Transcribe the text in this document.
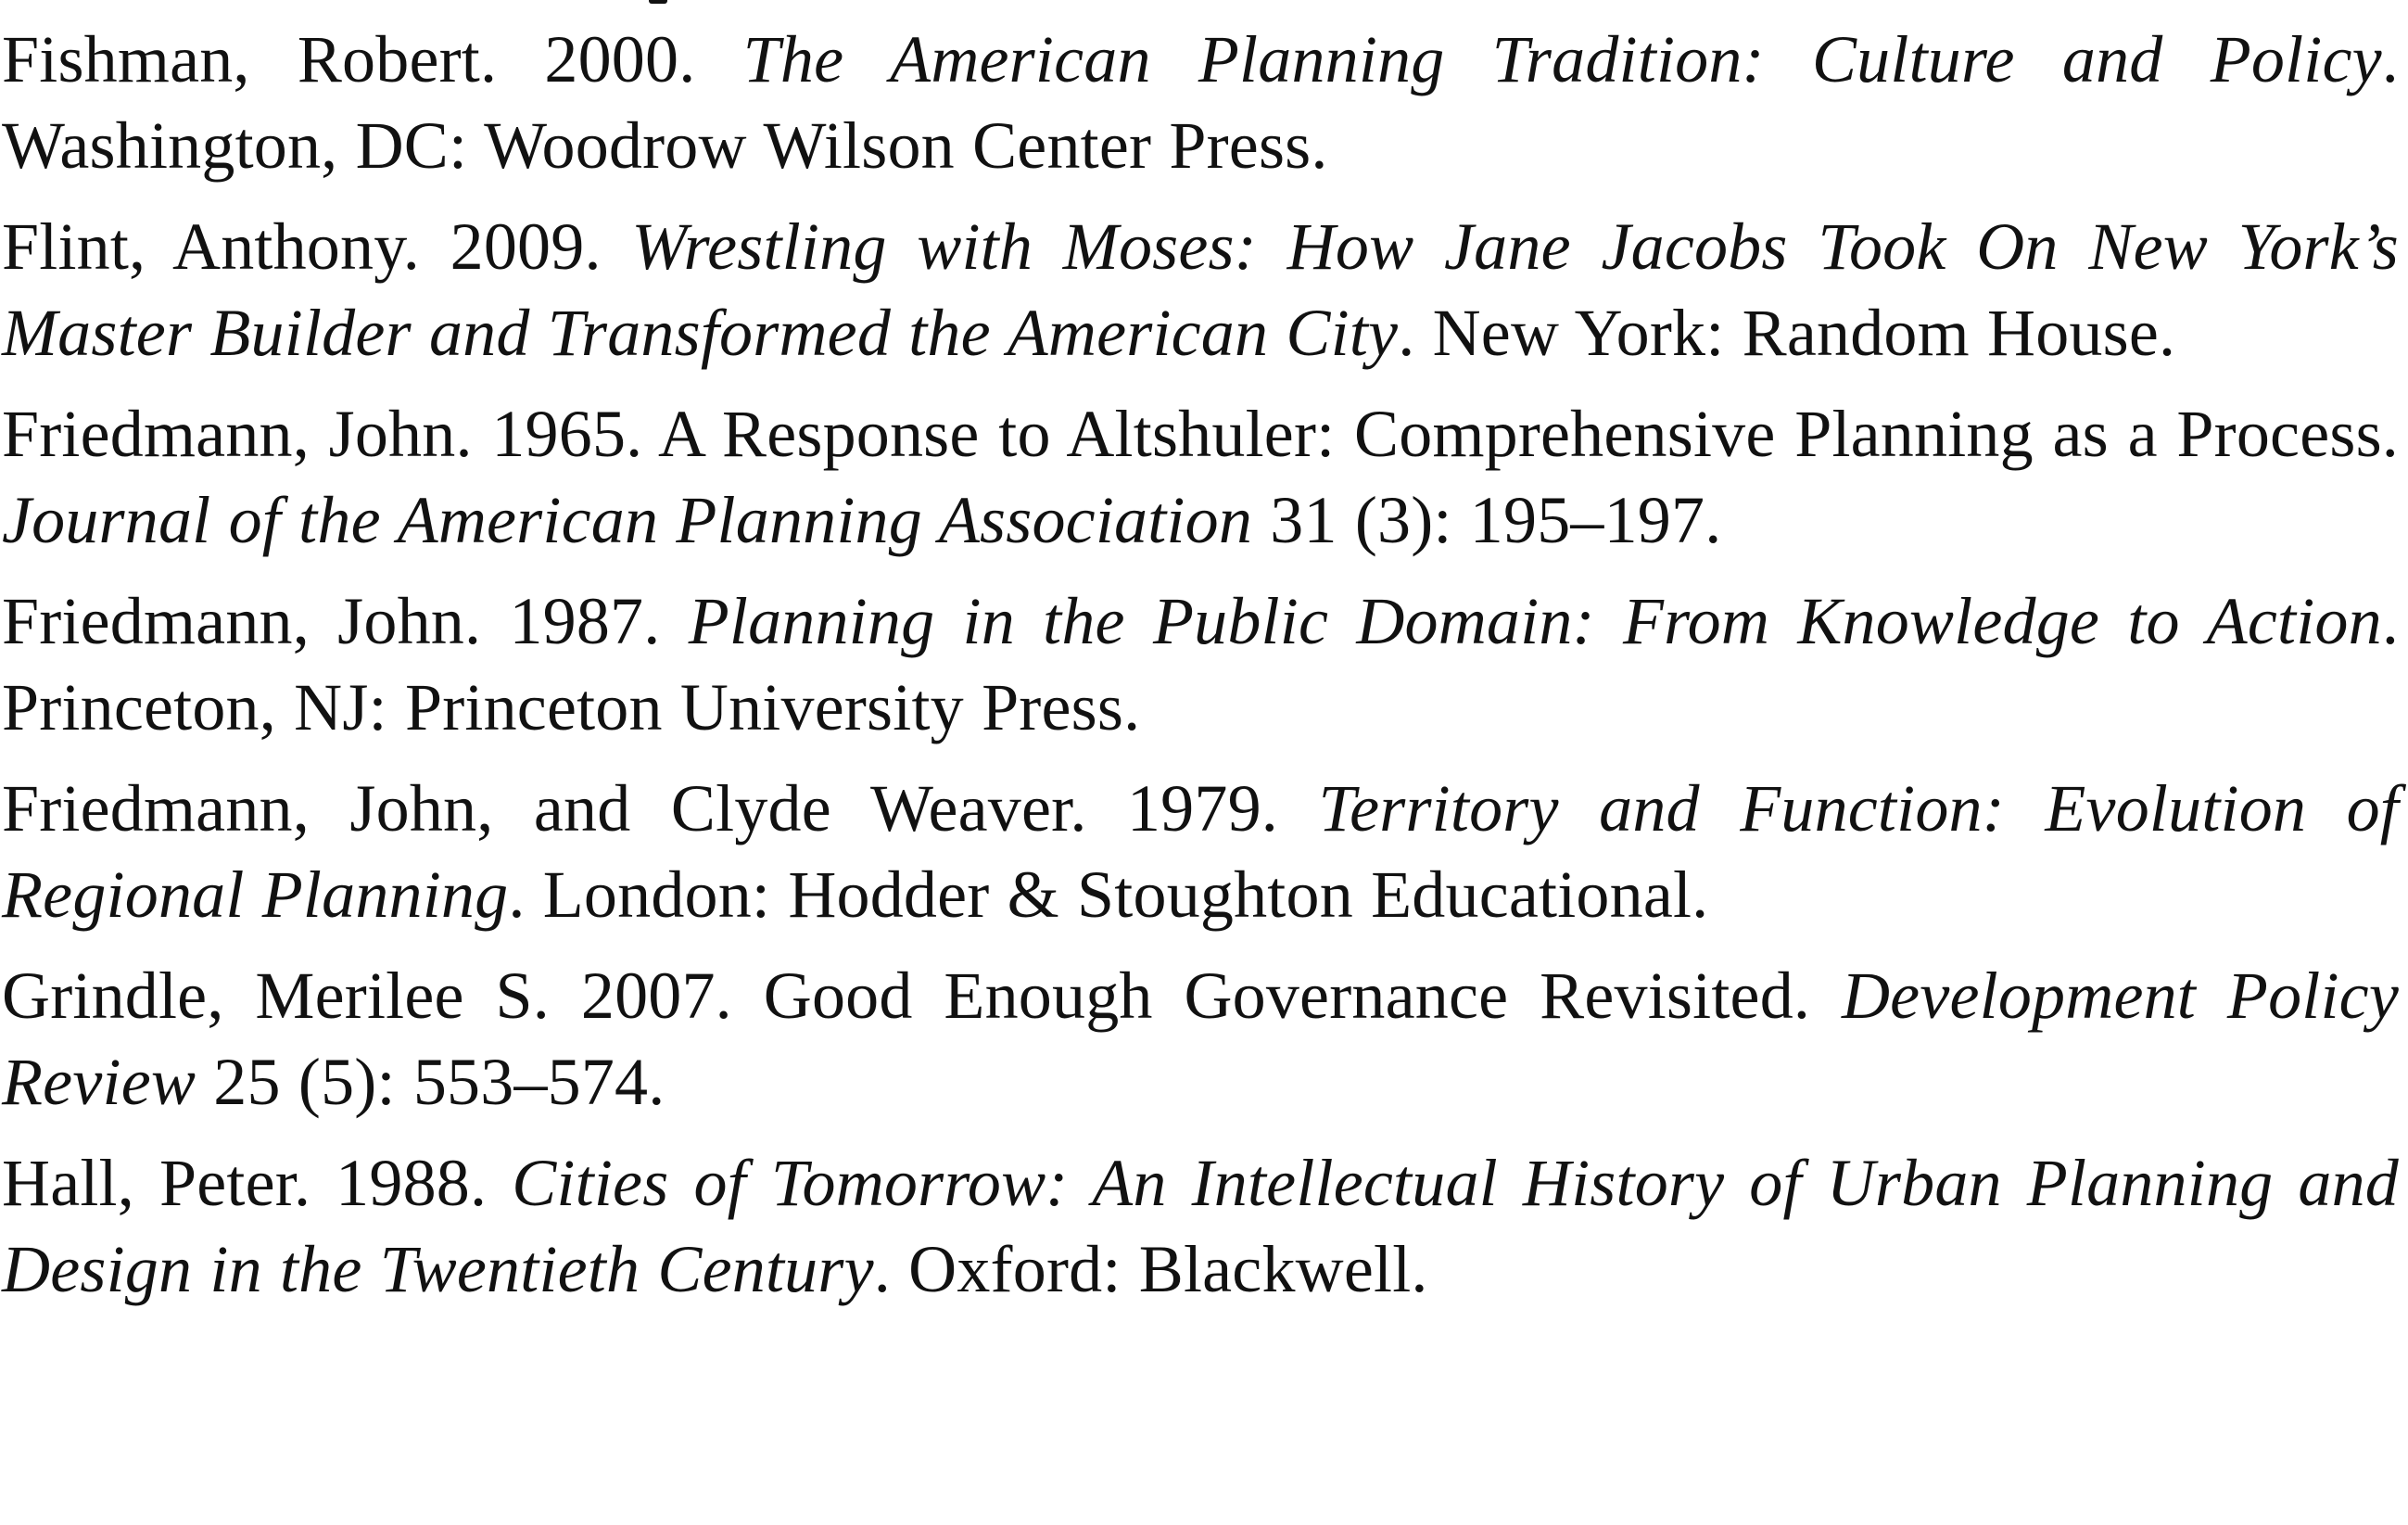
Fishman, Robert. 2000. The American Planning Tradition: Culture and Policy. Washington, DC: Woodrow Wilson Center Press.

Flint, Anthony. 2009. Wrestling with Moses: How Jane Jacobs Took On New York’s Master Builder and Transformed the American City. New York: Random House.

Friedmann, John. 1965. A Response to Altshuler: Comprehensive Planning as a Process. Journal of the American Planning Association 31 (3): 195–197.

Friedmann, John. 1987. Planning in the Public Domain: From Knowledge to Action. Princeton, NJ: Princeton University Press.

Friedmann, John, and Clyde Weaver. 1979. Territory and Function: Evolution of Regional Planning. London: Hodder & Stoughton Educational.

Grindle, Merilee S. 2007. Good Enough Governance Revisited. Development Policy Review 25 (5): 553–574.

Hall, Peter. 1988. Cities of Tomorrow: An Intellectual History of Urban Planning and Design in the Twentieth Century. Oxford: Blackwell.
